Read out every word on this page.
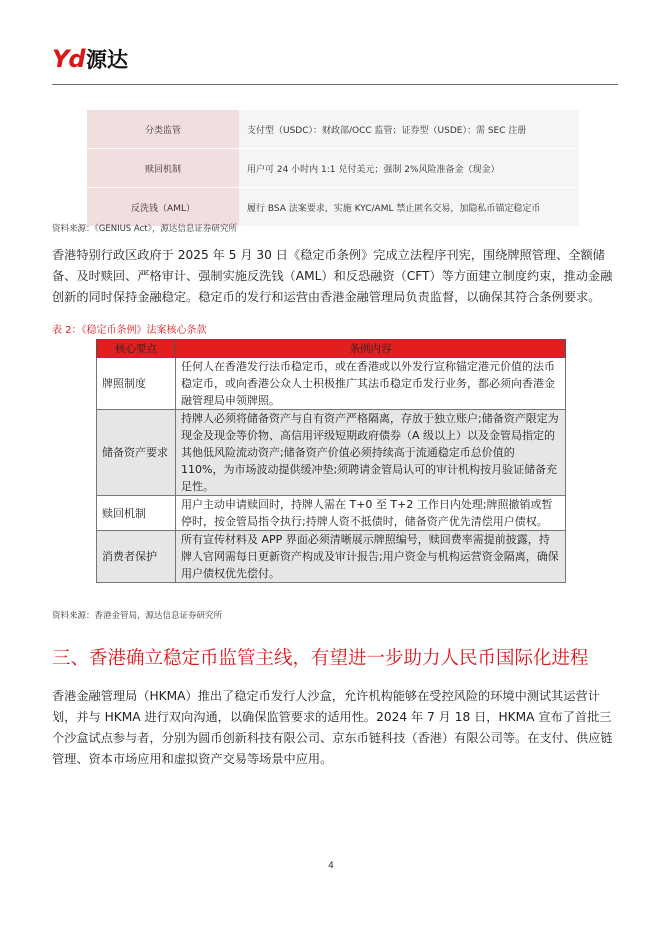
Yd 源达
分类监管	支付型（USDC）：财政部/OCC 监管；证券型（USDE）：需 SEC 注册
赎回机制	用户可 24 小时内 1:1 兑付美元；强制 2%风险准备金（现金）
反洗钱（AML）	履行 BSA 法案要求，实施 KYC/AML 禁止匿名交易，加隐私币锚定稳定币
资料来源：《GENIUS Act》，源达信息证券研究所

香港特别行政区政府于 2025 年 5 月 30 日《稳定币条例》完成立法程序刊宪，围绕牌照管理、全额储备、及时赎回、严格审计、强制实施反洗钱（AML）和反恐融资（CFT）等方面建立制度约束，推动金融创新的同时保持金融稳定。稳定币的发行和运营由香港金融管理局负责监督，以确保其符合条例要求。

表 2：《稳定币条例》法案核心条款
核心要点	条例内容
牌照制度	任何人在香港发行法币稳定币，或在香港或以外发行宣称锚定港元价值的法币稳定币，或向香港公众人士积极推广其法币稳定币发行业务，都必须向香港金融管理局申领牌照。
储备资产要求	持牌人必须将储备资产与自有资产严格隔离，存放于独立账户;储备资产限定为现金及现金等价物、高信用评级短期政府债券（A 级以上）以及金管局指定的其他低风险流动资产;储备资产价值必须持续高于流通稳定币总价值的 110%，为市场波动提供缓冲垫;须聘请金管局认可的审计机构按月验证储备充足性。
赎回机制	用户主动申请赎回时，持牌人需在 T+0 至 T+2 工作日内处理;牌照撤销或暂停时，按金管局指令执行;持牌人资不抵债时，储备资产优先清偿用户债权。
消费者保护	所有宣传材料及 APP 界面必须清晰展示牌照编号，赎回费率需提前披露，持牌人官网需每日更新资产构成及审计报告;用户资金与机构运营资金隔离，确保用户债权优先偿付。
资料来源：香港金管局，源达信息证券研究所
三、香港确立稳定币监管主线，有望进一步助力人民币国际化进程

香港金融管理局（HKMA）推出了稳定币发行人沙盒，允许机构能够在受控风险的环境中测试其运营计划，并与 HKMA 进行双向沟通，以确保监管要求的适用性。2024 年 7 月 18 日，HKMA 宣布了首批三个沙盒试点参与者，分别为圆币创新科技有限公司、京东币链科技（香港）有限公司等。在支付、供应链管理、资本市场应用和虚拟资产交易等场景中应用。

4
